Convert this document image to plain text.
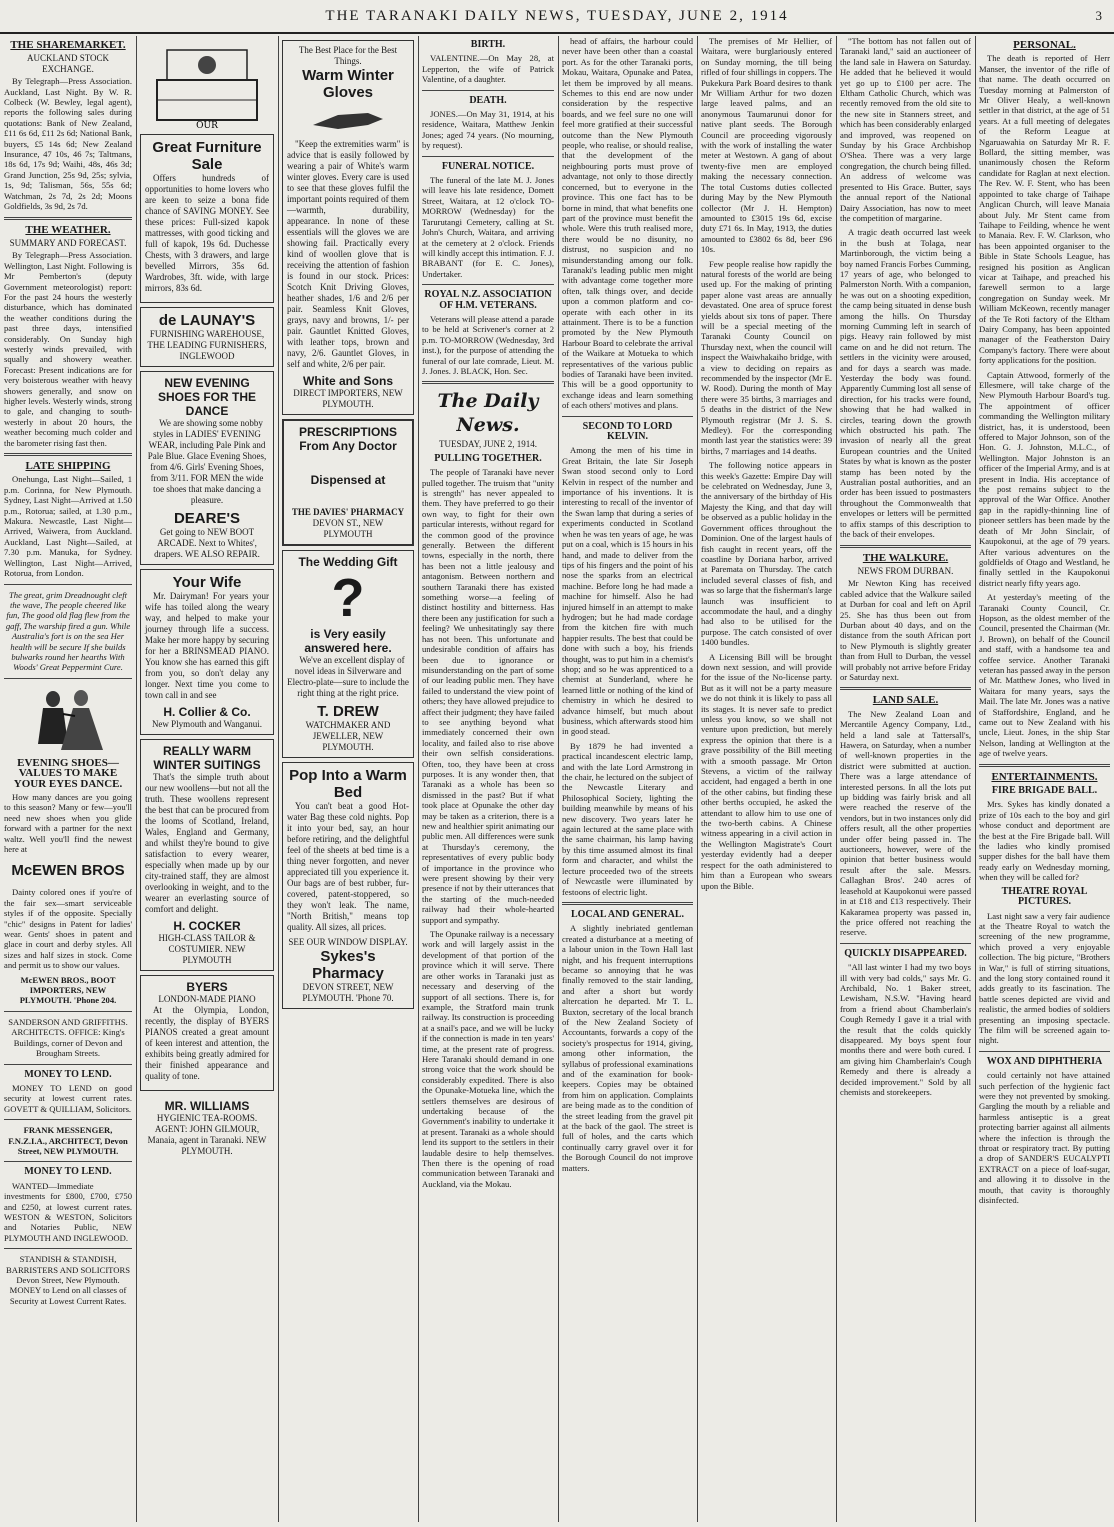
THE TARANAKI DAILY NEWS, TUESDAY, JUNE 2, 1914	3
THE SHAREMARKET.
AUCKLAND STOCK EXCHANGE.

By Telegraph—Press Association. Auckland, Last Night. By W. R. Colbeck (W. Bewley, legal agent), reports the following sales during quotations: Bank of New Zealand, £11 6s 6d, £11 2s 6d; National Bank, buyers, £5 14s 6d; New Zealand Insurance, 47 10s, 46 7s; Taltmans, 18s 6d, 17s 9d; Waihi, 48s, 46s 3d; Grand Junction, 25s 9d, 25s; sylvia, 1s, 9d; Talisman, 56s, 55s 6d; Watchman, 2s 7d, 2s 2d; Moons Goldfields, 3s 9d, 2s 7d.

THE WEATHER.
SUMMARY AND FORECAST.

By Telegraph—Press Association. Wellington, Last Night. Following is Mr Pemberton's (deputy Government meteorologist) report: For the past 24 hours the westerly disturbance, which has dominated the weather conditions during the past three days, intensified considerably. On Sunday high westerly winds prevailed, with squally and showery weather. Forecast: Present indications are for very boisterous weather with heavy showers generally, and snow on higher levels. Westerly winds, strong to gale, and changing to south-westerly in about 20 hours, the weather becoming much colder and the barometer rising fast then.

LATE SHIPPING

Onehunga, Last Night—Sailed, 1 p.m. Corinna, for New Plymouth. Sydney, Last Night—Arrived at 1.50 p.m., Rotorua; sailed, at 1.30 p.m., Makura. Newcastle, Last Night—Arrived, Waiwera, from Auckland. Auckland, Last Night—Sailed, at 7.30 p.m. Manuka, for Sydney. Wellington, Last Night—Arrived, Rotorua, from London.

The great, grim Dreadnought cleft the wave, The people cheered like fun, The good old flag flew from the gaff, The warship fired a gun. While Australia's fort is on the sea Her health will be secure If she builds bulwarks round her hearths With Woods' Great Peppermint Cure.

EVENING SHOES—VALUES TO MAKE YOUR EYES DANCE.

How many dances are you going to this season? Many or few—you'll need new shoes when you glide forward with a partner for the next waltz. Well you'll find the newest here at

McEWEN BROS

Dainty colored ones if you're of the fair sex—smart serviceable styles if of the opposite. Specially "chic" designs in Patent for ladies' wear. Gents' shoes in patent and glace in court and derby styles. All sizes and half sizes in stock. Come and permit us to show our values.

McEWEN BROS., BOOT IMPORTERS, NEW PLYMOUTH. 'Phone 204.

SANDERSON AND GRIFFITHS. ARCHITECTS. OFFICE: King's Buildings, corner of Devon and Brougham Streets.

MONEY TO LEND.

MONEY TO LEND on good security at lowest current rates. GOVETT & QUILLIAM, Solicitors.

FRANK MESSENGER, F.N.Z.I.A., ARCHITECT, Devon Street, NEW PLYMOUTH.

MONEY TO LEND.

WANTED—Immediate investments for £800, £700, £750 and £250, at lowest current rates. WESTON & WESTON, Solicitors and Notaries Public, NEW PLYMOUTH AND INGLEWOOD.

STANDISH & STANDISH, BARRISTERS AND SOLICITORS Devon Street, New Plymouth. MONEY to Lend on all classes of Security at Lowest Current Rates.

OUR
Great Furniture Sale

Offers hundreds of opportunities to home lovers who are keen to seize a bona fide chance of SAVING MONEY. See these prices: Full-sized kapok mattresses, with good ticking and full of kapok, 19s 6d. Duchesse Chests, with 3 drawers, and large bevelled Mirrors, 35s 6d. Wardrobes, 3ft. wide, with large mirrors, 83s 6d.

de LAUNAY'S
FURNISHING WAREHOUSE, THE LEADING FURNISHERS, INGLEWOOD
NEW EVENING SHOES FOR THE DANCE

We are showing some nobby styles in LADIES' EVENING WEAR, including Pale Pink and Pale Blue. Glace Evening Shoes, from 4/6. Girls' Evening Shoes, from 3/11. FOR MEN the wide toe shoes that make dancing a pleasure.

DEARE'S
Get going to NEW BOOT ARCADE. Next to Whites', drapers. WE ALSO REPAIR.
Your Wife

Mr. Dairyman! For years your wife has toiled along the weary way, and helped to make your journey through life a success. Make her more happy by securing for her a BRINSMEAD PIANO. You know she has earned this gift from you, so don't delay any longer. Next time you come to town call in and see

H. Collier & Co.
New Plymouth and Wanganui.
REALLY WARM WINTER SUITINGS

That's the simple truth about our new woollens—but not all the truth. These woollens represent the best that can be procured from the looms of Scotland, Ireland, Wales, England and Germany, and whilst they're bound to give satisfaction to every wearer, especially when made up by our city-trained staff, they are almost overlooking in weight, and to the wearer an everlasting source of comfort and delight.

H. COCKER
HIGH-CLASS TAILOR & COSTUMIER. NEW PLYMOUTH
BYERS
LONDON-MADE PIANO

At the Olympia, London, recently, the display of BYERS PIANOS created a great amount of keen interest and attention, the exhibits being greatly admired for their finished appearance and quality of tone.

MR. WILLIAMS
HYGIENIC TEA-ROOMS. AGENT: JOHN GILMOUR, Manaia, agent in Taranaki. NEW PLYMOUTH.
The Best Place for the Best Things.
Warm Winter Gloves

"Keep the extremities warm" is advice that is easily followed by wearing a pair of White's warm winter gloves. Every care is used to see that these gloves fulfil the important points required of them—warmth, durability, appearance. In none of these essentials will the gloves we are showing fail. Practically every kind of woollen glove that is receiving the attention of fashion is found in our stock. Prices: Scotch Knit Driving Gloves, heather shades, 1/6 and 2/6 per pair. Seamless Knit Gloves, grays, navy and browns, 1/- per pair. Gauntlet Knitted Gloves, with leather tops, brown and navy, 2/6. Gauntlet Gloves, in self and white, 2/6 per pair.

White and Sons
DIRECT IMPORTERS, NEW PLYMOUTH.
PRESCRIPTIONS
From Any Doctor
Dispensed at
THE DAVIES' PHARMACY
DEVON ST., NEW PLYMOUTH
The Wedding Gift
?
is Very easily answered here.

We've an excellent display of novel ideas in Silverware and Electro-plate—sure to include the right thing at the right price.

T. DREW
WATCHMAKER AND JEWELLER, NEW PLYMOUTH.
Pop Into a Warm Bed

You can't beat a good Hot-water Bag these cold nights. Pop it into your bed, say, an hour before retiring, and the delightful feel of the sheets at bed time is a thing never forgotten, and never appreciated till you experience it. Our bags are of best rubber, fur-covered, patent-stoppered, so they won't leak. The name, "North British," means top quality. All sizes, all prices.

SEE OUR WINDOW DISPLAY.
Sykes's Pharmacy
DEVON STREET, NEW PLYMOUTH. 'Phone 70.
BIRTH.

VALENTINE.—On May 28, at Lepperton, the wife of Patrick Valentine, of a daughter.

DEATH.

JONES.—On May 31, 1914, at his residence, Waitara, Matthew Jenkin Jones; aged 74 years. (No mourning, by request).

FUNERAL NOTICE.

The funeral of the late M. J. Jones will leave his late residence, Domett Street, Waitara, at 12 o'clock TO-MORROW (Wednesday) for the Tarurutangi Cemetery, calling at St. John's Church, Waitara, and arriving at the cemetery at 2 o'clock. Friends will kindly accept this intimation. F. J. BRABANT (for E. C. Jones), Undertaker.

ROYAL N.Z. ASSOCIATION OF H.M. VETERANS.

Veterans will please attend a parade to be held at Scrivener's corner at 2 p.m. TO-MORROW (Wednesday, 3rd inst.), for the purpose of attending the funeral of our late comrade, Lieut. M. J. Jones. J. BLACK, Hon. Sec.

The Daily News.
TUESDAY, JUNE 2, 1914.
PULLING TOGETHER.

The people of Taranaki have never pulled together. The truism that "unity is strength" has never appealed to them. They have preferred to go their own way, to fight for their own particular interests, without regard for the common good of the province generally. Between the different towns, especially in the north, there has been not a little jealousy and antagonism. Between northern and southern Taranaki there has existed something worse—a feeling of distinct hostility and bitterness. Has there been any justification for such a feeling? We unhesitatingly say there has not been. This unfortunate and undesirable condition of affairs has been due to ignorance or misunderstanding on the part of some of our leading public men. They have failed to understand the view point of others; they have allowed prejudice to affect their judgment; they have failed to see anything beyond what immediately concerned their own locality, and failed also to rise above their own selfish considerations. Often, too, they have been at cross purposes. It is any wonder then, that Taranaki as a whole has been so dismissed in the past? But if what took place at Opunake the other day may be taken as a criterion, there is a new and healthier spirit animating our public men. All differences were sunk at Thursday's ceremony, the representatives of every public body of importance in the province who were present showing by their very presence if not by their utterances that the starting of the much-needed railway had their whole-hearted support and sympathy.

The Opunake railway is a necessary work and will largely assist in the development of that portion of the province which it will serve. There are other works in Taranaki just as necessary and deserving of the support of all sections. There is, for example, the Stratford main trunk railway. Its construction is proceeding at a snail's pace, and we will be lucky if the connection is made in ten years' time, at the present rate of progress. Here Taranaki should demand in one strong voice that the work should be considerably expedited. There is also the Opunake-Motueka line, which the settlers themselves are desirous of undertaking because of the Government's inability to undertake it at present. Taranaki as a whole should lend its support to the settlers in their laudable desire to help themselves. Then there is the opening of road communication between Taranaki and Auckland, via the Mokau.

head of affairs, the harbour could never have been other than a coastal port. As for the other Taranaki ports, Mokau, Waitara, Opunake and Patea, let them be improved by all means. Schemes to this end are now under consideration by the respective boards, and we feel sure no one will feel more gratified at their successful outcome than the New Plymouth people, who realise, or should realise, that the development of the neighbouring ports must prove of advantage, not only to those directly concerned, but to everyone in the province. This one fact has to be borne in mind, that what benefits one part of the province must benefit the whole. Were this truth realised more, there would be no disunity, no distrust, no suspicion and no misunderstanding among our folk. Taranaki's leading public men might with advantage come together more often, talk things over, and decide upon a common platform and co-operate with each other in its attainment. There is to be a function promoted by the New Plymouth Harbour Board to celebrate the arrival of the Waikare at Motueka to which representatives of the various public bodies of Taranaki have been invited. This will be a good opportunity to exchange ideas and learn something of each others' motives and plans.

SECOND TO LORD KELVIN.

Among the men of his time in Great Britain, the late Sir Joseph Swan stood second only to Lord Kelvin in respect of the number and importance of his inventions. It is interesting to recall of the inventor of the Swan lamp that during a series of experiments conducted in Scotland when he was ten years of age, he was put on a coal, which is 15 hours in his hand, and made to deliver from the tips of his fingers and the point of his nose the sparks from an electrical machine. Before long he had made a machine for himself. Also he had injured himself in an attempt to make hydrogen; but he had made cordage from the kitchen fire with much happier results. The best that could be done with such a boy, his friends thought, was to put him in a chemist's shop; and so he was apprenticed to a chemist at Sunderland, where he learned little or nothing of the kind of chemistry in which he desired to advance himself, but much about business, which afterwards stood him in good stead.

By 1879 he had invented a practical incandescent electric lamp, and with the late Lord Armstrong in the chair, he lectured on the subject of the Newcastle Literary and Philosophical Society, lighting the building meanwhile by means of his new discovery. Two years later he again lectured at the same place with the same chairman, his lamp having by this time assumed almost its final form and character, and whilst the lecture proceeded two of the streets of Newcastle were illuminated by festoons of electric light.

LOCAL AND GENERAL.

A slightly inebriated gentleman created a disturbance at a meeting of a labour union in the Town Hall last night, and his frequent interruptions became so annoying that he was finally removed to the stair landing, and after a short but wordy altercation he departed. Mr T. L. Buxton, secretary of the local branch of the New Zealand Society of Accountants, forwards a copy of the society's prospectus for 1914, giving, among other information, the syllabus of professional examinations and of the examination for book-keepers. Copies may be obtained from him on application. Complaints are being made as to the condition of the street leading from the gravel pit at the back of the gaol. The street is full of holes, and the carts which continually carry gravel over it for the Borough Council do not improve matters.

The premises of Mr Hellier, of Waitara, were burglariously entered on Sunday morning, the till being rifled of four shillings in coppers. The Pukekura Park Board desires to thank Mr William Arthur for two dozen large leaved palms, and an anonymous Taumarunui donor for native plant seeds. The Borough Council are proceeding vigorously with the work of installing the water meter at Westown. A gang of about twenty-five men are employed making the necessary connection. The total Customs duties collected during May by the New Plymouth collector (Mr J. H. Hempton) amounted to £3015 19s 6d, excise duty £71 6s. In May, 1913, the duties amounted to £3802 6s 8d, beer £96 10s.

Few people realise how rapidly the natural forests of the world are being used up. For the making of printing paper alone vast areas are annually devastated. One area of spruce forest yields about six tons of paper. There will be a special meeting of the Taranaki County Council on Thursday next, when the council will inspect the Waiwhakaiho bridge, with a view to deciding on repairs as recommended by the inspector (Mr E. W. Rood). During the month of May there were 35 births, 3 marriages and 5 deaths in the district of the New Plymouth registrar (Mr J. S. S. Medley). For the corresponding month last year the statistics were: 39 births, 7 marriages and 14 deaths.

The following notice appears in this week's Gazette: Empire Day will be celebrated on Wednesday, June 3, the anniversary of the birthday of His Majesty the King, and that day will be observed as a public holiday in the Government offices throughout the Dominion. One of the largest hauls of fish caught in recent years, off the coastline by Doriana harbor, arrived at Paremata on Thursday. The catch included several classes of fish, and was so large that the fisherman's large launch was insufficient to accommodate the haul, and a dinghy had also to be utilised for the purpose. The catch consisted of over 1400 bundles.

A Licensing Bill will be brought down next session, and will provide for the issue of the No-license party. But as it will not be a party measure we do not think it is likely to pass all its stages. It is never safe to predict unless you know, so we shall not venture upon prediction, but merely express the opinion that there is a grave possibility of the Bill meeting with a smooth passage. Mr Orton Stevens, a victim of the railway accident, had engaged a berth in one of the other cabins, but finding these other berths occupied, he asked the attendant to allow him to use one of the two-berth cabins. A Chinese witness appearing in a civil action in the Wellington Magistrate's Court yesterday evidently had a deeper respect for the oath administered to him than a European who swears upon the Bible.

"The bottom has not fallen out of Taranaki land," said an auctioneer of the land sale in Hawera on Saturday. He added that he believed it would yet go up to £100 per acre. The Eltham Catholic Church, which was recently removed from the old site to the new site in Stanners street, and which has been considerably enlarged and improved, was reopened on Sunday by his Grace Archbishop O'Shea. There was a very large congregation, the church being filled. An address of welcome was presented to His Grace. Butter, says the annual report of the National Dairy Association, has now to meet the competition of margarine.

A tragic death occurred last week in the bush at Tolaga, near Martinborough, the victim being a boy named Francis Forbes Cumming, 17 years of age, who belonged to Palmerston North. With a companion, he was out on a shooting expedition, the camp being situated in dense bush among the hills. On Thursday morning Cumming left in search of pigs. Heavy rain followed by mist came on and he did not return. The settlers in the vicinity were aroused, and for days a search was made. Yesterday the body was found. Apparently Cumming lost all sense of direction, for his tracks were found, showing that he had walked in circles, tearing down the growth which obstructed his path. The invasion of nearly all the great European countries and the United States by what is known as the poster stamp has been noted by the Australian postal authorities, and an order has been issued to postmasters throughout the Commonwealth that envelopes or letters will be permitted to affix stamps of this description to the back of their envelopes.

THE WALKURE.
NEWS FROM DURBAN.

Mr Newton King has received cabled advice that the Walkure sailed at Durban for coal and left on April 25. She has thus been out from Durban about 40 days, and on the distance from the south African port to New Plymouth is slightly greater than from Hull to Durban, the vessel will probably not arrive before Friday or Saturday next.

LAND SALE.

The New Zealand Loan and Mercantile Agency Company, Ltd., held a land sale at Tattersall's, Hawera, on Saturday, when a number of well-known properties in the district were submitted at auction. There was a large attendance of interested persons. In all the lots put up bidding was fairly brisk and all were reached the reserve of the vendors, but in two instances only did offers result, all the other properties under offer being passed in. The auctioneers, however, were of the opinion that better business would result after the sale. Messrs. Callaghan Bros'. 240 acres of leasehold at Kaupokonui were passed in at £18 and £13 respectively. Their Kakaramea property was passed in, the price offered not reaching the reserve.

QUICKLY DISAPPEARED.

"All last winter I had my two boys ill with very bad colds," says Mr. G. Archibald, No. 1 Baker street, Lewisham, N.S.W. "Having heard from a friend about Chamberlain's Cough Remedy I gave it a trial with the result that the colds quickly disappeared. My boys spent four months there and were both cured. I am giving him Chamberlain's Cough Remedy and there is already a decided improvement." Sold by all chemists and storekeepers.

PERSONAL.

The death is reported of Herr Manser, the inventor of the rifle of that name. The death occurred on Tuesday morning at Palmerston of Mr Oliver Healy, a well-known settler in that district, at the age of 51 years. At a full meeting of delegates of the Reform League at Ngaruawahia on Saturday Mr R. F. Bollard, the sitting member, was unanimously chosen the Reform candidate for Raglan at next election. The Rev. W. F. Stent, who has been appointed to take charge of Taihape Anglican Church, will leave Manaia about July. Mr Stent came from Taihape to Feilding, whence he went to Manaia. Rev. F. W. Clarkson, who has been appointed organiser to the Bible in State Schools League, has resigned his position as Anglican vicar at Taihape, and preached his farewell sermon to a large congregation on Sunday week. Mr William McKeown, recently manager of the Te Roti factory of the Eltham Dairy Company, has been appointed manager of the Featherston Dairy Company's factory. There were about forty applications for the position.

Captain Attwood, formerly of the Ellesmere, will take charge of the New Plymouth Harbour Board's tug. The appointment of officer commanding the Wellington military district, has, it is understood, been offered to Major Johnson, son of the Hon. G. J. Johnston, M.L.C., of Wellington. Major Johnston is an officer of the Imperial Army, and is at present in India. His acceptance of the post remains subject to the approval of the War Office. Another gap in the rapidly-thinning line of pioneer settlers has been made by the death of Mr John Sinclair, of Kaupokonui, at the age of 79 years. After various adventures on the goldfields of Otago and Westland, he finally settled in the Kaupokonui district nearly fifty years ago.

At yesterday's meeting of the Taranaki County Council, Cr. Hopson, as the oldest member of the Council, presented the Chairman (Mr. J. Brown), on behalf of the Council and staff, with a handsome tea and coffee service. Another Taranaki veteran has passed away in the person of Mr. Matthew Jones, who lived in Waitara for many years, says the Mail. The late Mr. Jones was a native of Staffordshire, England, and he came out to New Zealand with his uncle, Lieut. Jones, in the ship Star Nelson, landing at Wellington at the age of twelve years.

ENTERTAINMENTS.
FIRE BRIGADE BALL.

Mrs. Sykes has kindly donated a prize of 10s each to the boy and girl whose conduct and deportment are the best at the Fire Brigade ball. Will the ladies who kindly promised supper dishes for the ball have them ready early on Wednesday morning, when they will be called for?

THEATRE ROYAL PICTURES.

Last night saw a very fair audience at the Theatre Royal to watch the screening of the new programme, which proved a very enjoyable collection. The big picture, "Brothers in War," is full of stirring situations, and the long story contained round it adds greatly to its fascination. The battle scenes depicted are vivid and realistic, the armed bodies of soldiers presenting an imposing spectacle. The film will be screened again to-night.

WOX AND DIPHTHERIA

could certainly not have attained such perfection of the hygienic fact were they not prevented by smoking. Gargling the mouth by a reliable and harmless antiseptic is a great protecting barrier against all ailments where the infection is through the throat or respiratory tract. By putting a drop of SANDER'S EUCALYPTI EXTRACT on a piece of loaf-sugar, and allowing it to dissolve in the mouth, that cavity is thoroughly disinfected.
